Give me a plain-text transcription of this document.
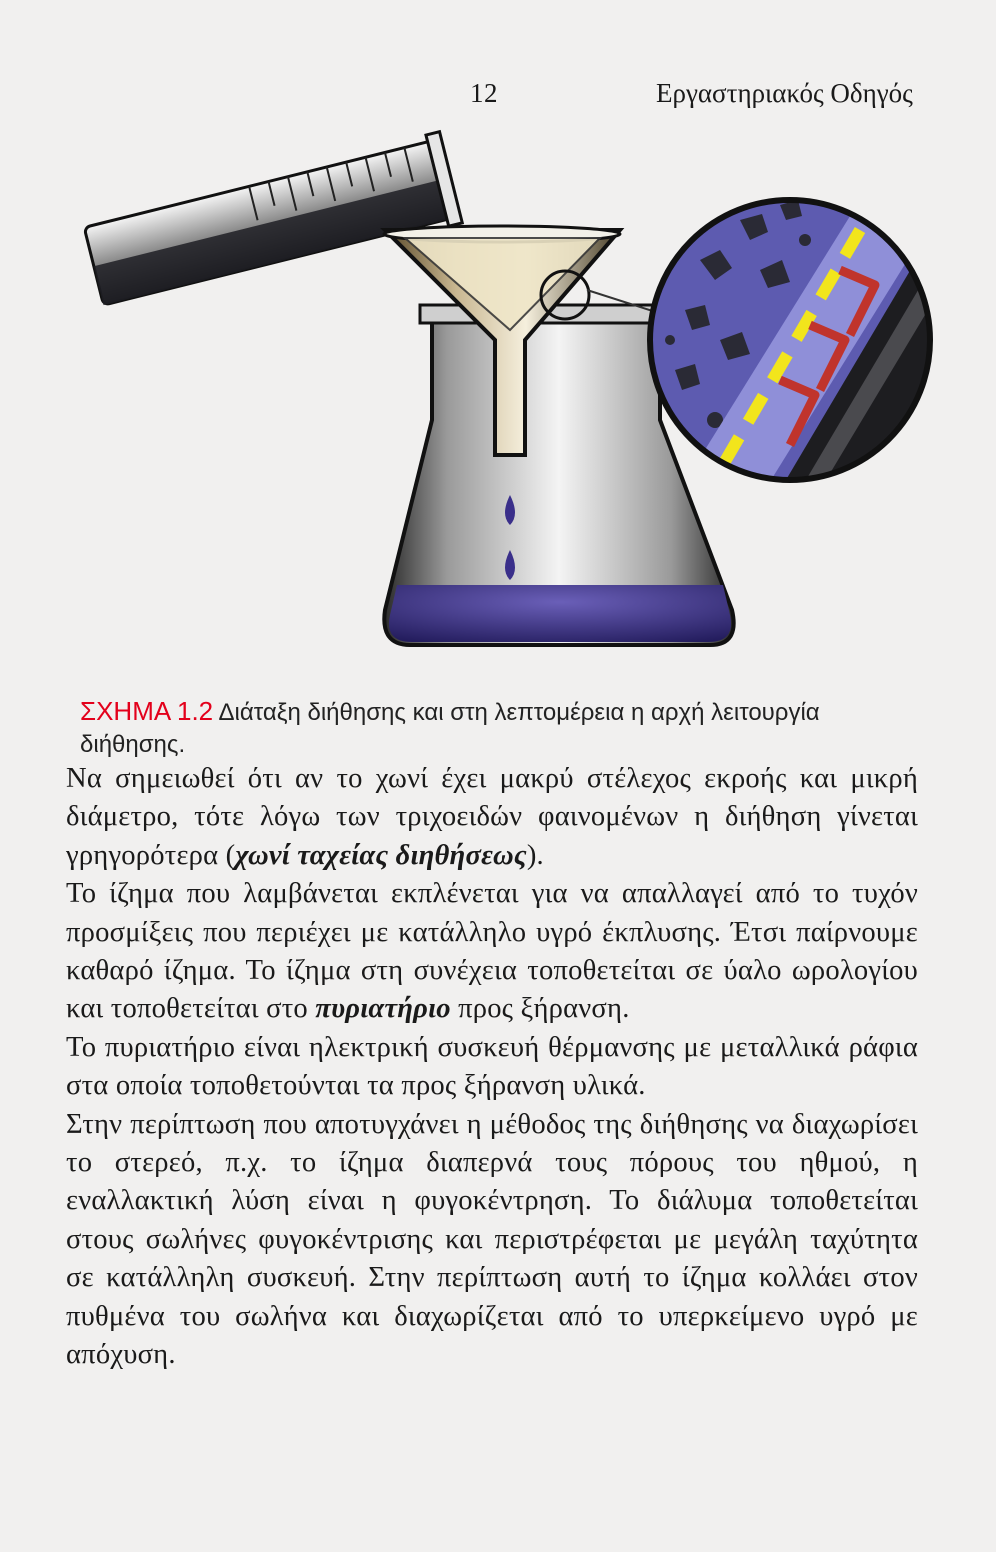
12	Εργαστηριακός Οδηγός
ΣΧΗΜΑ 1.2 Διάταξη διήθησης και στη λεπτομέρεια η αρχή λειτουργία διήθησης.

Να σημειωθεί ότι αν το χωνί έχει μακρύ στέλεχος εκροής και μικρή διάμετρο, τότε λόγω των τριχοειδών φαινομένων η διήθηση γίνεται γρηγορότερα (χωνί ταχείας διηθήσεως).

Το ίζημα που λαμβάνεται εκπλένεται για να απαλλαγεί από το τυχόν προσμίξεις που περιέχει με κατάλληλο υγρό έκπλυσης. Έτσι παίρνουμε καθαρό ίζημα. Το ίζημα στη συνέχεια τοποθετείται σε ύαλο ωρολογίου και τοποθετείται στο πυριατήριο προς ξήρανση.

Το πυριατήριο είναι ηλεκτρική συσκευή θέρμανσης με μεταλλικά ράφια στα οποία τοποθετούνται τα προς ξήρανση υλικά.

Στην περίπτωση που αποτυγχάνει η μέθοδος της διήθησης να διαχωρίσει το στερεό, π.χ. το ίζημα διαπερνά τους πόρους του ηθμού, η εναλλακτική λύση είναι η φυγοκέντρηση. Το διάλυμα τοποθετείται στους σωλήνες φυγοκέντρισης και περιστρέφεται με μεγάλη ταχύτητα σε κατάλληλη συσκευή. Στην περίπτωση αυτή το ίζημα κολλάει στον πυθμένα του σωλήνα και διαχωρίζεται από το υπερκείμενο υγρό με απόχυση.
